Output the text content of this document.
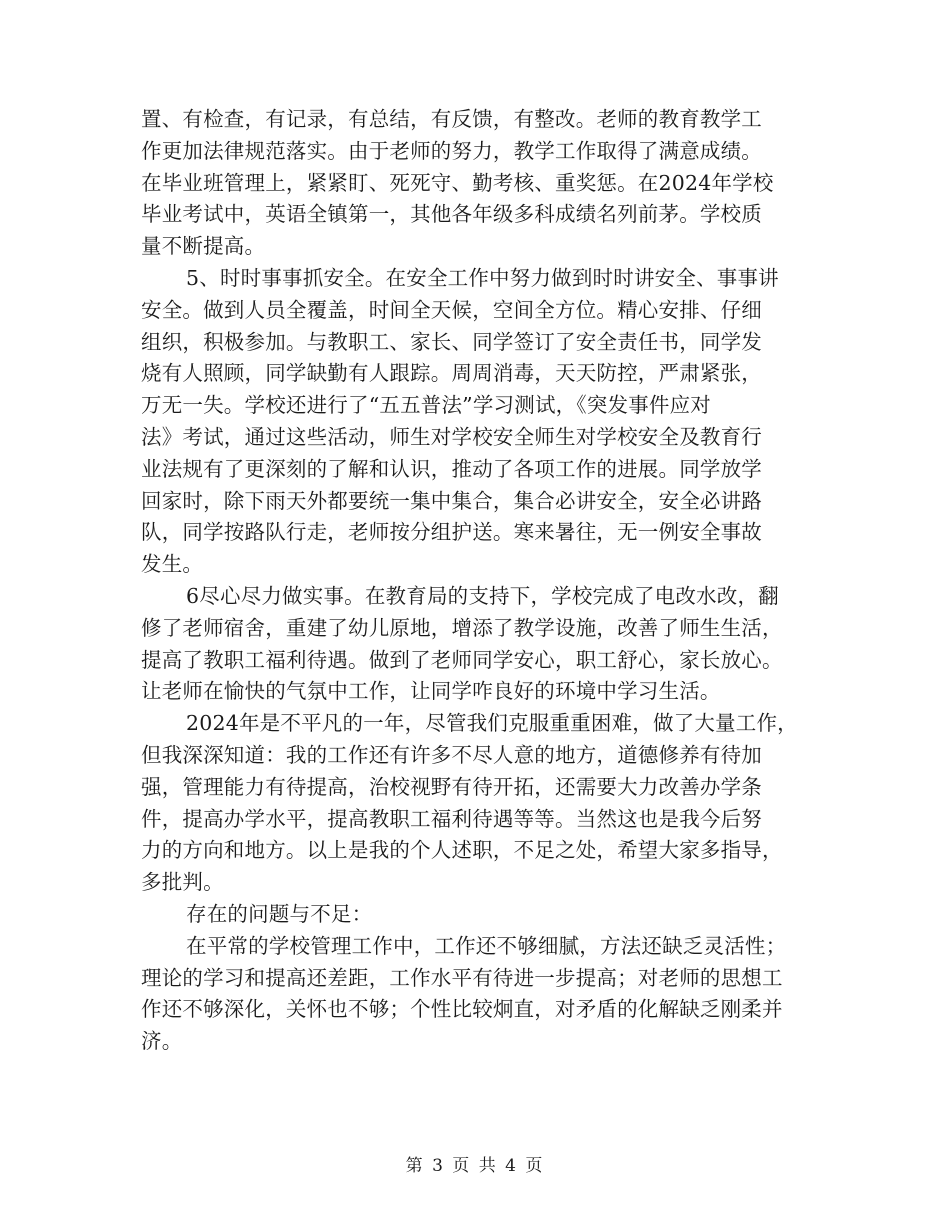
置、有检查，有记录，有总结，有反馈，有整改。老师的教育教学工
作更加法律规范落实。由于老师的努力，教学工作取得了满意成绩。
在毕业班管理上，紧紧盯、死死守、勤考核、重奖惩。在2024年学校
毕业考试中，英语全镇第一，其他各年级多科成绩名列前茅。学校质
量不断提高。
5、时时事事抓安全。在安全工作中努力做到时时讲安全、事事讲
安全。做到人员全覆盖，时间全天候，空间全方位。精心安排、仔细
组织，积极参加。与教职工、家长、同学签订了安全责任书，同学发
烧有人照顾，同学缺勤有人跟踪。周周消毒，天天防控，严肃紧张，
万无一失。学校还进行了“五五普法”学习测试，《突发事件应对
法》考试，通过这些活动，师生对学校安全师生对学校安全及教育行
业法规有了更深刻的了解和认识，推动了各项工作的进展。同学放学
回家时，除下雨天外都要统一集中集合，集合必讲安全，安全必讲路
队，同学按路队行走，老师按分组护送。寒来暑往，无一例安全事故
发生。
6尽心尽力做实事。在教育局的支持下，学校完成了电改水改，翻
修了老师宿舍，重建了幼儿原地，增添了教学设施，改善了师生生活，
提高了教职工福利待遇。做到了老师同学安心，职工舒心，家长放心。
让老师在愉快的气氛中工作，让同学咋良好的环境中学习生活。
2024年是不平凡的一年，尽管我们克服重重困难，做了大量工作，
但我深深知道：我的工作还有许多不尽人意的地方，道德修养有待加
强，管理能力有待提高，治校视野有待开拓，还需要大力改善办学条
件，提高办学水平，提高教职工福利待遇等等。当然这也是我今后努
力的方向和地方。以上是我的个人述职，不足之处，希望大家多指导，
多批判。
存在的问题与不足：
在平常的学校管理工作中，工作还不够细腻，方法还缺乏灵活性；
理论的学习和提高还差距，工作水平有待进一步提高；对老师的思想工
作还不够深化，关怀也不够；个性比较炯直，对矛盾的化解缺乏刚柔并
济。
第 3 页 共 4 页
